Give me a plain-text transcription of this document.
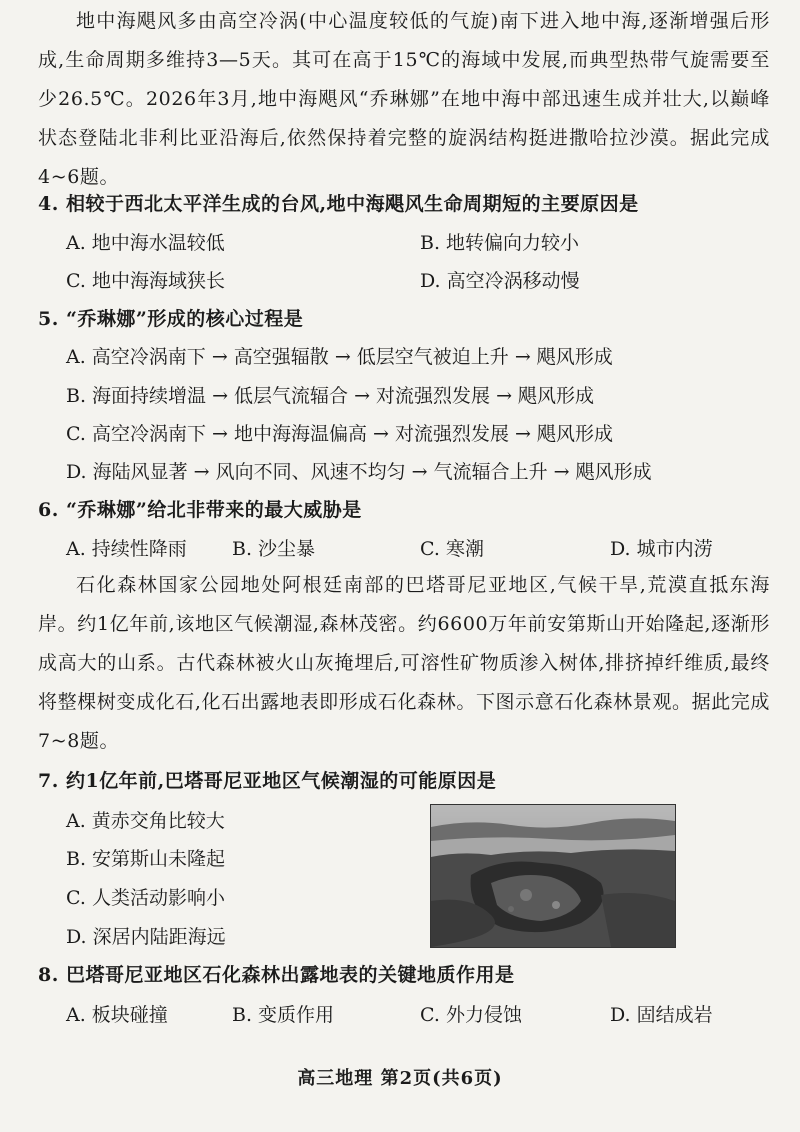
地中海飓风多由高空冷涡(中心温度较低的气旋)南下进入地中海,逐渐增强后形成,生命周期多维持3—5天。其可在高于15℃的海域中发展,而典型热带气旋需要至少26.5℃。2026年3月,地中海飓风“乔琳娜”在地中海中部迅速生成并壮大,以巅峰状态登陆北非利比亚沿海后,依然保持着完整的旋涡结构挺进撒哈拉沙漠。据此完成4~6题。
4. 相较于西北太平洋生成的台风,地中海飓风生命周期短的主要原因是
A. 地中海水温较低	B. 地转偏向力较小
C. 地中海海域狭长	D. 高空冷涡移动慢
5. “乔琳娜”形成的核心过程是
A. 高空冷涡南下 → 高空强辐散 → 低层空气被迫上升 → 飓风形成
B. 海面持续增温 → 低层气流辐合 → 对流强烈发展 → 飓风形成
C. 高空冷涡南下 → 地中海海温偏高 → 对流强烈发展 → 飓风形成
D. 海陆风显著 → 风向不同、风速不均匀 → 气流辐合上升 → 飓风形成
6. “乔琳娜”给北非带来的最大威胁是
A. 持续性降雨 B. 沙尘暴	C. 寒潮	D. 城市内涝
石化森林国家公园地处阿根廷南部的巴塔哥尼亚地区,气候干旱,荒漠直抵东海岸。约1亿年前,该地区气候潮湿,森林茂密。约6600万年前安第斯山开始隆起,逐渐形成高大的山系。古代森林被火山灰掩埋后,可溶性矿物质渗入树体,排挤掉纤维质,最终将整棵树变成化石,化石出露地表即形成石化森林。下图示意石化森林景观。据此完成7~8题。
7. 约1亿年前,巴塔哥尼亚地区气候潮湿的可能原因是
A. 黄赤交角比较大
B. 安第斯山未隆起
C. 人类活动影响小
D. 深居内陆距海远
8. 巴塔哥尼亚地区石化森林出露地表的关键地质作用是
A. 板块碰撞	B. 变质作用	C. 外力侵蚀	D. 固结成岩
高三地理 第2页(共6页)
